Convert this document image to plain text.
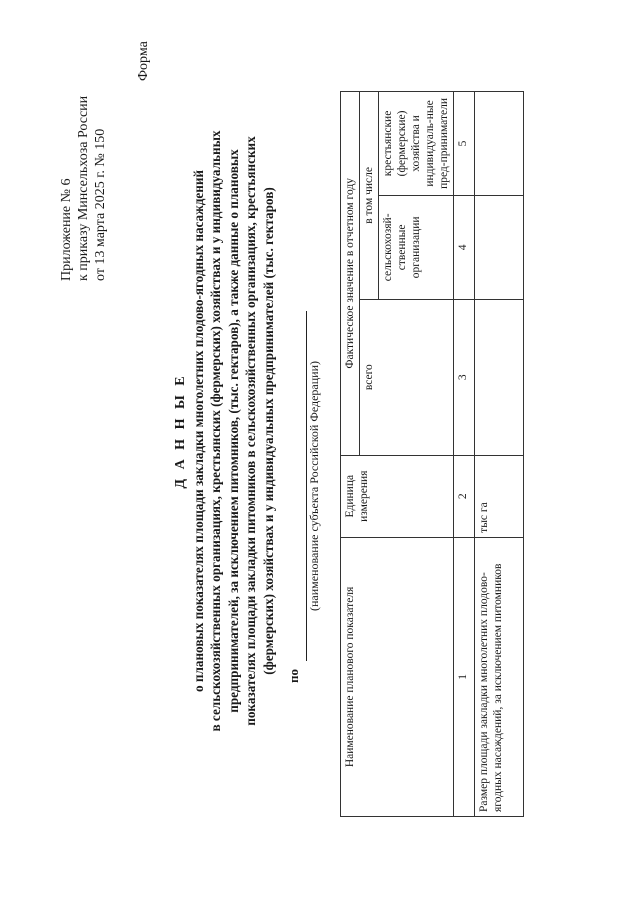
Приложение № 6 к приказу Минсельхоза России от 13 марта 2025 г. № 150
Форма
Д А Н Н Ы Е о плановых показателях площади закладки многолетних плодово-ягодных насаждений в сельскохозяйственных организациях, крестьянских (фермерских) хозяйствах и у индивидуальных предпринимателей, за исключением питомников, (тыс. гектаров), а также данные о плановых показателях площади закладки питомников в сельскохозяйственных организациях, крестьянских (фермерских) хозяйствах и у индивидуальных предпринимателей (тыс. гектаров)
по
(наименование субъекта Российской Федерации)
Наименование планового показателя	Единица измерения	Фактическое значение в отчетном году		
		всего	в том числе	
			сельскохозяй-ственные организации	крестьянские (фермерские) хозяйства и индивидуаль-ные пред-приниматели
1	2	3	4	5
Размер площади закладки многолетних плодово-ягодных насаждений, за исключением питомников	тыс га			
